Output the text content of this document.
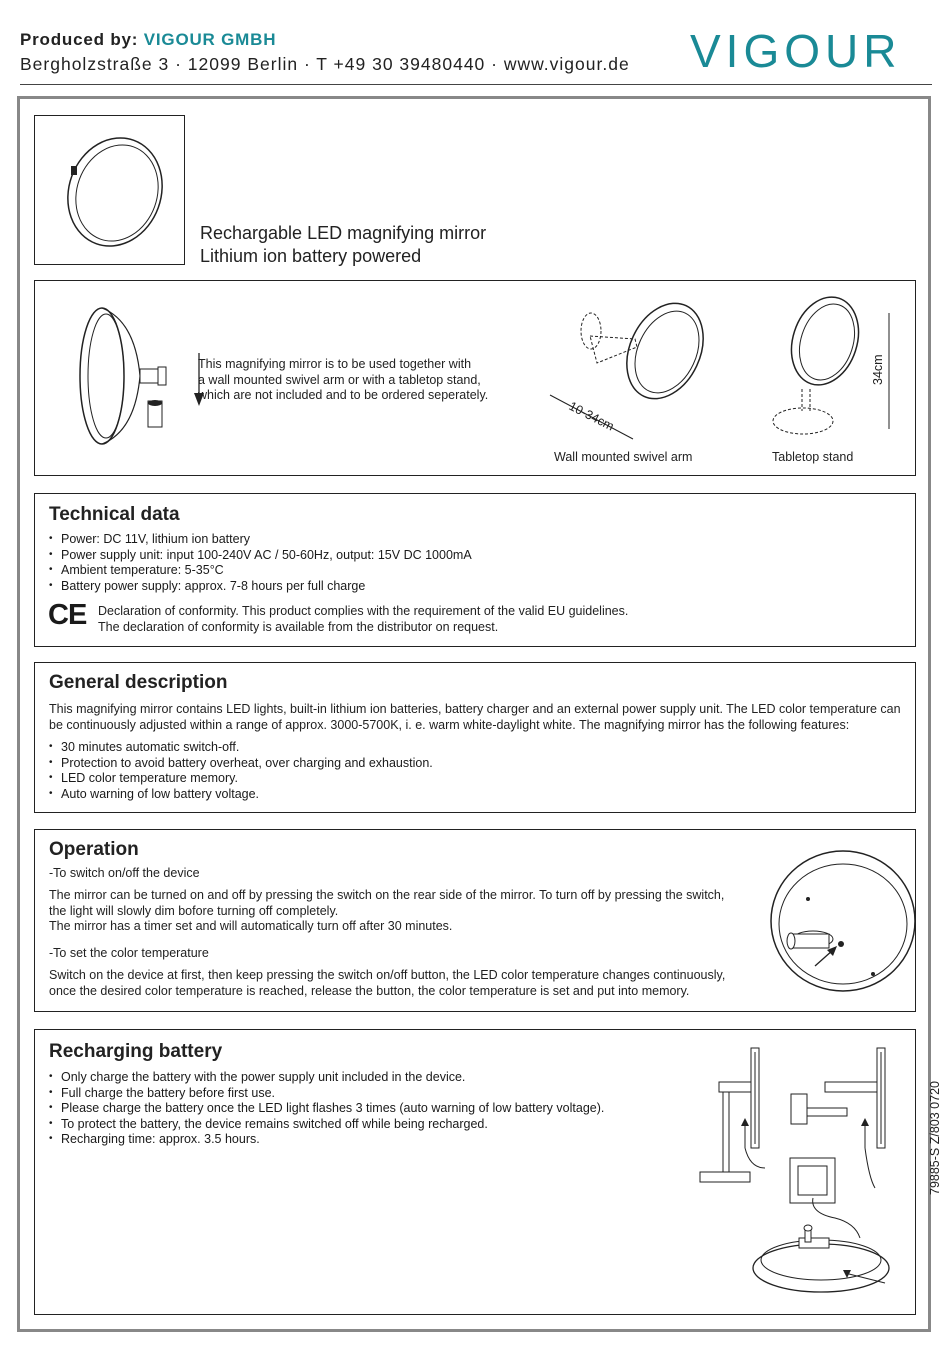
Produced by: VIGOUR GMBH
Bergholzstraße 3 · 12099 Berlin · T +49 30 39480440 · www.vigour.de VIGOUR
Rechargable LED magnifying mirror
Lithium ion battery powered
This magnifying mirror is to be used together with
a wall mounted swivel arm or with a tabletop stand,
which are not included and to be ordered seperately.
10-34cm
Wall mounted swivel arm
34cm
Tabletop stand
Technical data
• Power: DC 11V, lithium ion battery
• Power supply unit: input 100-240V AC / 50-60Hz, output: 15V DC 1000mA
• Ambient temperature: 5-35°C
• Battery power supply: approx. 7-8 hours per full charge
CE Declaration of conformity. This product complies with the requirement of the valid EU guidelines.
The declaration of conformity is available from the distributor on request.
General description
This magnifying mirror contains LED lights, built-in lithium ion batteries, battery charger and an external power supply unit. The LED color temperature can be continuously adjusted within a range of approx. 3000-5700K, i. e. warm white-daylight white. The magnifying mirror has the following features:
• 30 minutes automatic switch-off.
• Protection to avoid battery overheat, over charging and exhaustion.
• LED color temperature memory.
• Auto warning of low battery voltage.
Operation
-To switch on/off the device
The mirror can be turned on and off by pressing the switch on the rear side of the mirror. To turn off by pressing the switch,
the light will slowly dim bofore turning off completely.
The mirror has a timer set and will automatically turn off after 30 minutes.
-To set the color temperature
Switch on the device at first, then keep pressing the switch on/off button, the LED color temperature changes continuously,
once the desired color temperature is reached, release the button, the color temperature is set and put into memory.
Recharging battery
• Only charge the battery with the power supply unit included in the device.
• Full charge the battery before first use.
• Please charge the battery once the LED light flashes 3 times (auto warning of low battery voltage).
• To protect the battery, the device remains switched off while being recharged.
• Recharging time: approx. 3.5 hours.	79885-S Z/803 0720
